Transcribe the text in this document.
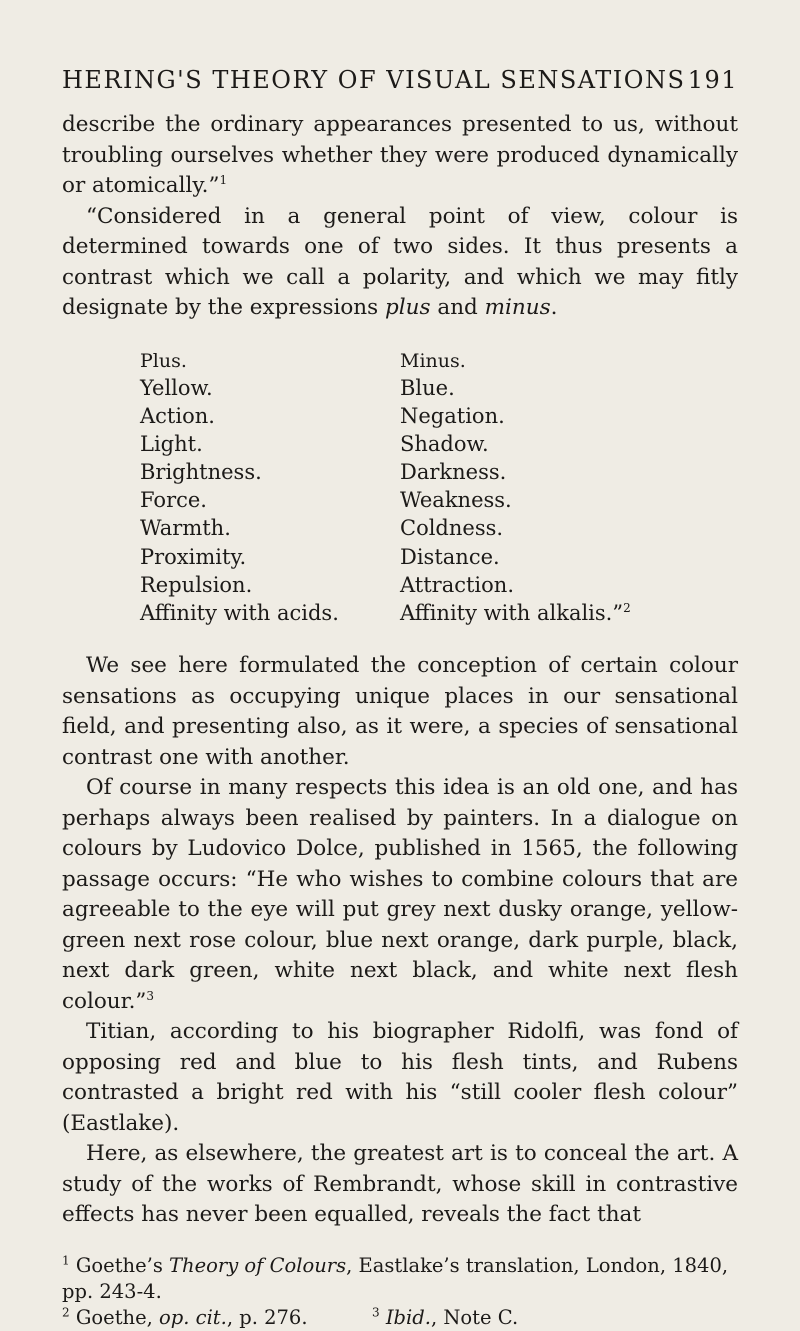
HERING'S THEORY OF VISUAL SENSATIONS 191

describe the ordinary appearances presented to us, without troubling ourselves whether they were produced dynamically or atomically.”$^1$

“Considered in a general point of view, colour is determined towards one of two sides. It thus presents a contrast which we call a polarity, and which we may fitly designate by the expressions plus and minus.

Plus.	Minus.
Yellow.	Blue.
Action.	Negation.
Light.	Shadow.
Brightness.	Darkness.
Force.	Weakness.
Warmth.	Coldness.
Proximity.	Distance.
Repulsion.	Attraction.
Affinity with acids.	Affinity with alkalis.”$^2$

We see here formulated the conception of certain colour sensations as occupying unique places in our sensational field, and presenting also, as it were, a species of sensational contrast one with another.

Of course in many respects this idea is an old one, and has perhaps always been realised by painters. In a dialogue on colours by Ludovico Dolce, published in 1565, the following passage occurs: “He who wishes to combine colours that are agreeable to the eye will put grey next dusky orange, yellow-green next rose colour, blue next orange, dark purple, black, next dark green, white next black, and white next flesh colour.”$^3$

Titian, according to his biographer Ridolfi, was fond of opposing red and blue to his flesh tints, and Rubens contrasted a bright red with his “still cooler flesh colour” (Eastlake).

Here, as elsewhere, the greatest art is to conceal the art. A study of the works of Rembrandt, whose skill in contrastive effects has never been equalled, reveals the fact that

$^1$ Goethe’s Theory of Colours, Eastlake’s translation, London, 1840, pp. 243-4.

$^2$ Goethe, op. cit., p. 276.	$^3$ Ibid., Note C.
